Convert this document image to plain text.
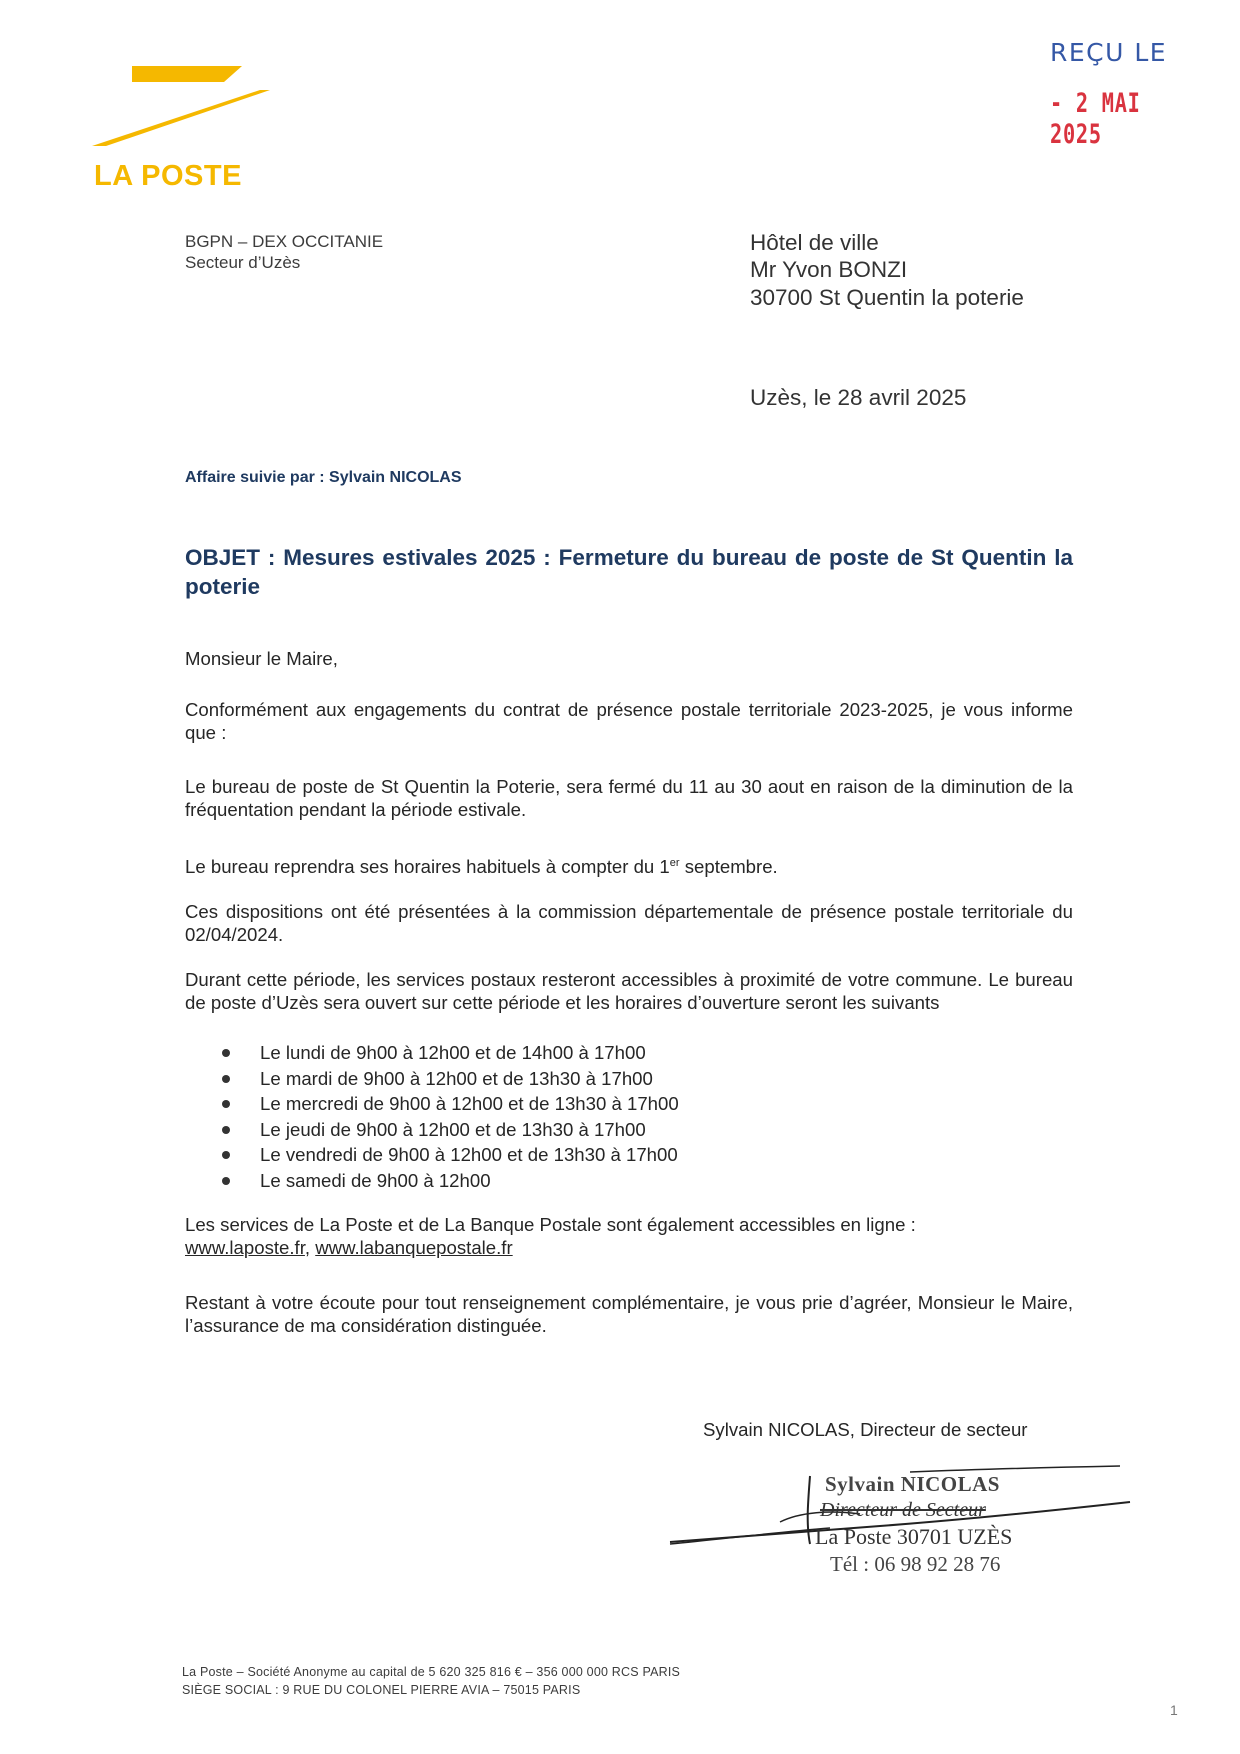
LA POSTE
REÇU LE
- 2 MAI 2025
BGPN – DEX OCCITANIE
Secteur d’Uzès
Hôtel de ville
Mr Yvon BONZI
30700 St Quentin la poterie
Uzès, le 28 avril 2025
Affaire suivie par : Sylvain NICOLAS
OBJET : Mesures estivales 2025 : Fermeture du bureau de poste de St Quentin la poterie
Monsieur le Maire,
Conformément aux engagements du contrat de présence postale territoriale 2023-2025, je vous informe que :
Le bureau de poste de St Quentin la Poterie, sera fermé du 11 au 30 aout en raison de la diminution de la fréquentation pendant la période estivale.
Le bureau reprendra ses horaires habituels à compter du 1er septembre.
Ces dispositions ont été présentées à la commission départementale de présence postale territoriale du 02/04/2024.
Durant cette période, les services postaux resteront accessibles à proximité de votre commune. Le bureau de poste d’Uzès sera ouvert sur cette période et les horaires d’ouverture seront les suivants
Le lundi de 9h00 à 12h00 et de 14h00 à 17h00
Le mardi de 9h00 à 12h00 et de 13h30 à 17h00
Le mercredi de 9h00 à 12h00 et de 13h30 à 17h00
Le jeudi de 9h00 à 12h00 et de 13h30 à 17h00
Le vendredi de 9h00 à 12h00 et de 13h30 à 17h00
Le samedi de 9h00 à 12h00
Les services de La Poste et de La Banque Postale sont également accessibles en ligne :
www.laposte.fr, www.labanquepostale.fr
Restant à votre écoute pour tout renseignement complémentaire, je vous prie d’agréer, Monsieur le Maire, l’assurance de ma considération distinguée.
Sylvain NICOLAS, Directeur de secteur
Sylvain NICOLAS
Directeur de Secteur
La Poste 30701 UZÈS
Tél : 06 98 92 28 76
La Poste – Société Anonyme au capital de 5 620 325 816 € – 356 000 000 RCS PARIS
SIÈGE SOCIAL : 9 RUE DU COLONEL PIERRE AVIA – 75015 PARIS
1
